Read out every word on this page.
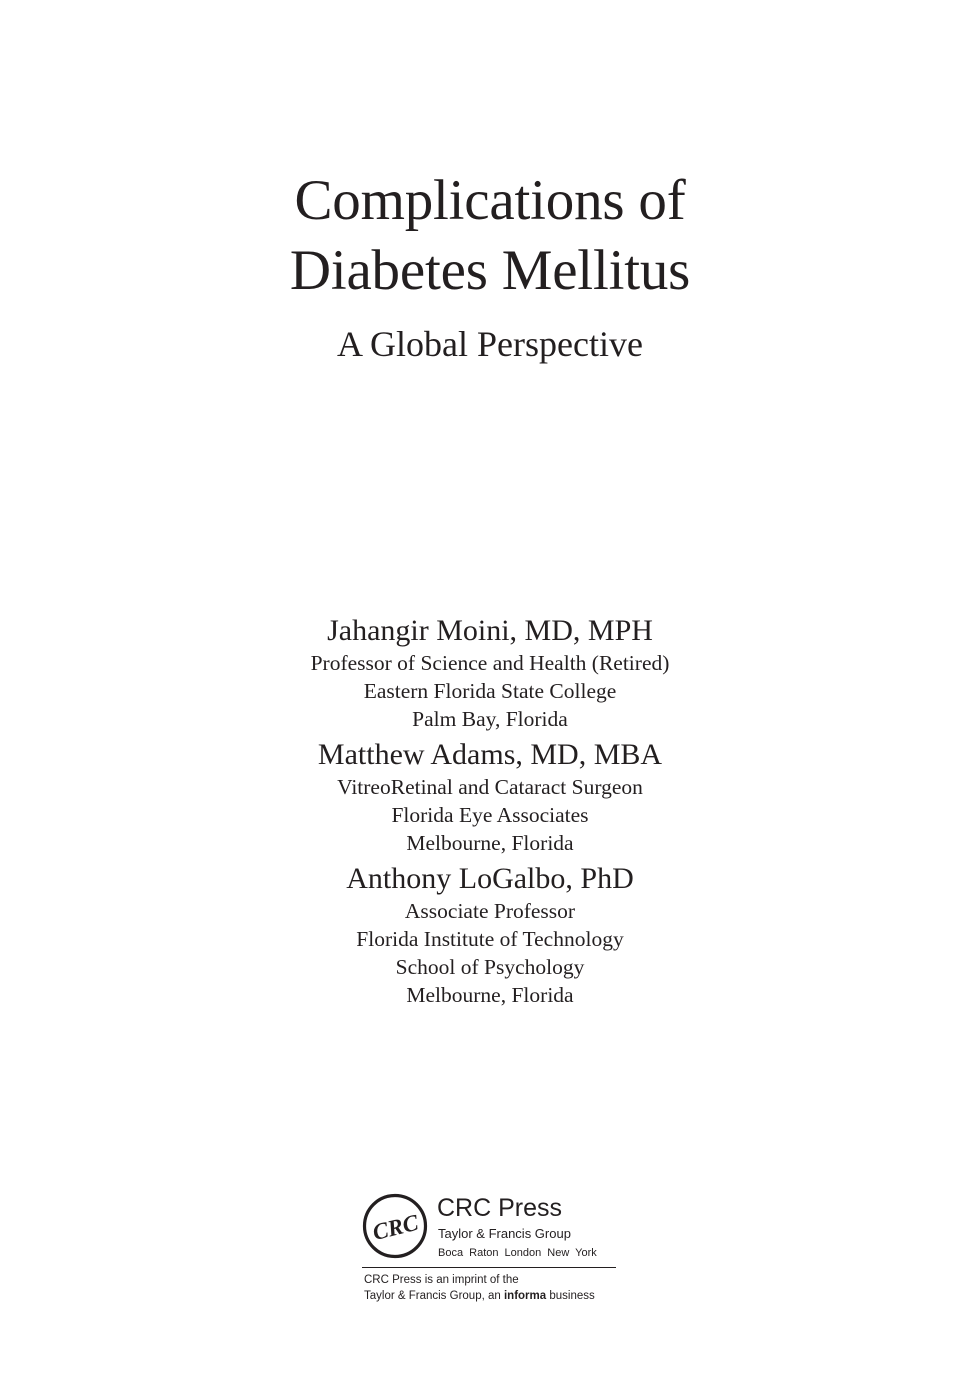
Complications of
Diabetes Mellitus
A Global Perspective
Jahangir Moini, MD, MPH
Professor of Science and Health (Retired)
Eastern Florida State College
Palm Bay, Florida
Matthew Adams, MD, MBA
VitreoRetinal and Cataract Surgeon
Florida Eye Associates
Melbourne, Florida
Anthony LoGalbo, PhD
Associate Professor
Florida Institute of Technology
School of Psychology
Melbourne, Florida
CRC
CRC Press
Taylor & Francis Group
Boca Raton London New York
CRC Press is an imprint of the
Taylor & Francis Group, an informa business
